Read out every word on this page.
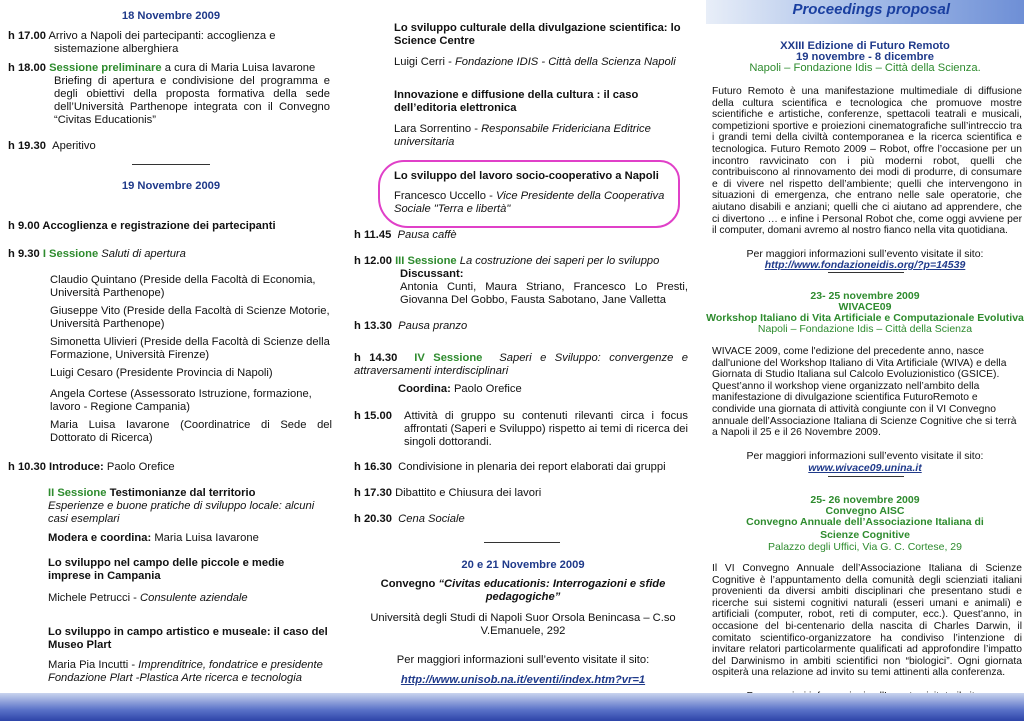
Proceedings proposal
18 Novembre 2009
h 17.00 Arrivo a Napoli dei partecipanti: accoglienza e
sistemazione alberghiera
h 18.00 Sessione preliminare a cura di Maria Luisa Iavarone
Briefing di apertura e condivisione del programma e degli obiettivi della proposta formativa della sede dell’Università Parthenope integrata con il Convegno “Civitas Educationis”
h 19.30 Aperitivo
19 Novembre 2009
h 9.00 Accoglienza e registrazione dei partecipanti
h 9.30 I Sessione Saluti di apertura
Claudio Quintano (Preside della Facoltà di Economia, Università Parthenope)
Giuseppe Vito (Preside della Facoltà di Scienze Motorie, Università Parthenope)
Simonetta Ulivieri (Preside della Facoltà di Scienze della Formazione, Università Firenze)
Luigi Cesaro (Presidente Provincia di Napoli)
Angela Cortese (Assessorato Istruzione, formazione, lavoro - Regione Campania)
Maria Luisa Iavarone (Coordinatrice di Sede del Dottorato di Ricerca)
h 10.30 Introduce: Paolo Orefice
II Sessione Testimonianze dal territorio
Esperienze e buone pratiche di sviluppo locale: alcuni casi esemplari
Modera e coordina: Maria Luisa Iavarone
Lo sviluppo nel campo delle piccole e medie imprese in Campania
Michele Petrucci - Consulente aziendale
Lo sviluppo in campo artistico e museale: il caso del Museo Plart
Maria Pia Incutti - Imprenditrice, fondatrice e presidente Fondazione Plart -Plastica Arte ricerca e tecnologia
Lo sviluppo culturale della divulgazione scientifica: lo Science Centre
Luigi Cerri - Fondazione IDIS - Città della Scienza Napoli
Innovazione e diffusione della cultura : il caso dell’editoria elettronica
Lara Sorrentino - Responsabile Fridericiana Editrice universitaria
Lo sviluppo del lavoro socio-cooperativo a Napoli
Francesco Uccello - Vice Presidente della Cooperativa Sociale "Terra e libertà"
h 11.45 Pausa caffè
h 12.00 III Sessione La costruzione dei saperi per lo sviluppo
Discussant:
Antonia Cunti, Maura Striano, Francesco Lo Presti, Giovanna Del Gobbo, Fausta Sabotano, Jane Valletta
h 13.30 Pausa pranzo
h 14.30 IV Sessione Saperi e Sviluppo: convergenze e attraversamenti interdisciplinari
Coordina: Paolo Orefice
h 15.00 Attività di gruppo su contenuti rilevanti circa i focus affrontati (Saperi e Sviluppo) rispetto ai temi di ricerca dei singoli dottorandi.
h 16.30 Condivisione in plenaria dei report elaborati dai gruppi
h 17.30 Dibattito e Chiusura dei lavori
h 20.30 Cena Sociale
20 e 21 Novembre 2009
Convegno “Civitas educationis: Interrogazioni e sfide pedagogiche”
Università degli Studi di Napoli Suor Orsola Benincasa – C.so V.Emanuele, 292
Per maggiori informazioni sull’evento visitate il sito:
http://www.unisob.na.it/eventi/index.htm?vr=1
XXIII Edizione di Futuro Remoto
19 novembre - 8 dicembre
Napoli – Fondazione Idis – Città della Scienza.
Futuro Remoto è una manifestazione multimediale di diffusione della cultura scientifica e tecnologica che promuove mostre scientifiche e artistiche, conferenze, spettacoli teatrali e musicali, competizioni sportive e proiezioni cinematografiche sull’intreccio tra i grandi temi della civiltà contemporanea e la ricerca scientifica e tecnologica. Futuro Remoto 2009 – Robot, offre l’occasione per un incontro ravvicinato con i più moderni robot, quelli che contribuiscono al rinnovamento dei modi di produrre, di consumare e di vivere nel rispetto dell’ambiente; quelli che intervengono in situazioni di emergenza, che entrano nelle sale operatorie, che aiutano disabili e anziani; quelli che ci aiutano ad apprendere, che ci divertono … e infine i Personal Robot che, come oggi avviene per il computer, domani avremo al nostro fianco nella vita quotidiana.
Per maggiori informazioni sull’evento visitate il sito:
http://www.fondazioneidis.org/?p=14539
23- 25 novembre 2009
WIVACE09
Workshop Italiano di Vita Artificiale e Computazionale Evolutiva
Napoli – Fondazione Idis – Città della Scienza
WIVACE 2009, come l'edizione del precedente anno, nasce dall'unione del Workshop Italiano di Vita Artificiale (WIVA) e della Giornata di Studio Italiana sul Calcolo Evoluzionistico (GSICE). Quest’anno il workshop viene organizzato nell’ambito della manifestazione di divulgazione scientifica FuturoRemoto e condivide una giornata di attività congiunte con il VI Convegno annuale dell’Associazione Italiana di Scienze Cognitive che si terrà a Napoli il 25 e il 26 Novembre 2009.
Per maggiori informazioni sull’evento visitate il sito:
www.wivace09.unina.it
25- 26 novembre 2009
Convegno AISC
Convegno Annuale dell’Associazione Italiana di Scienze Cognitive
Palazzo degli Uffici, Via G. C. Cortese, 29
Il VI Convegno Annuale dell’Associazione Italiana di Scienze Cognitive è l’appuntamento della comunità degli scienziati italiani provenienti da diversi ambiti disciplinari che presentano studi e ricerche sui sistemi cognitivi naturali (esseri umani e animali) e artificiali (computer, robot, reti di computer, ecc.). Quest’anno, in occasione del bi-centenario della nascita di Charles Darwin, il comitato scientifico-organizzatore ha condiviso l’intenzione di invitare relatori particolarmente qualificati ad approfondire l’impatto del Darwinismo in ambiti scientifici non “biologici”. Ogni giornata ospiterà una relazione ad invito su temi attinenti alla conferenza.
